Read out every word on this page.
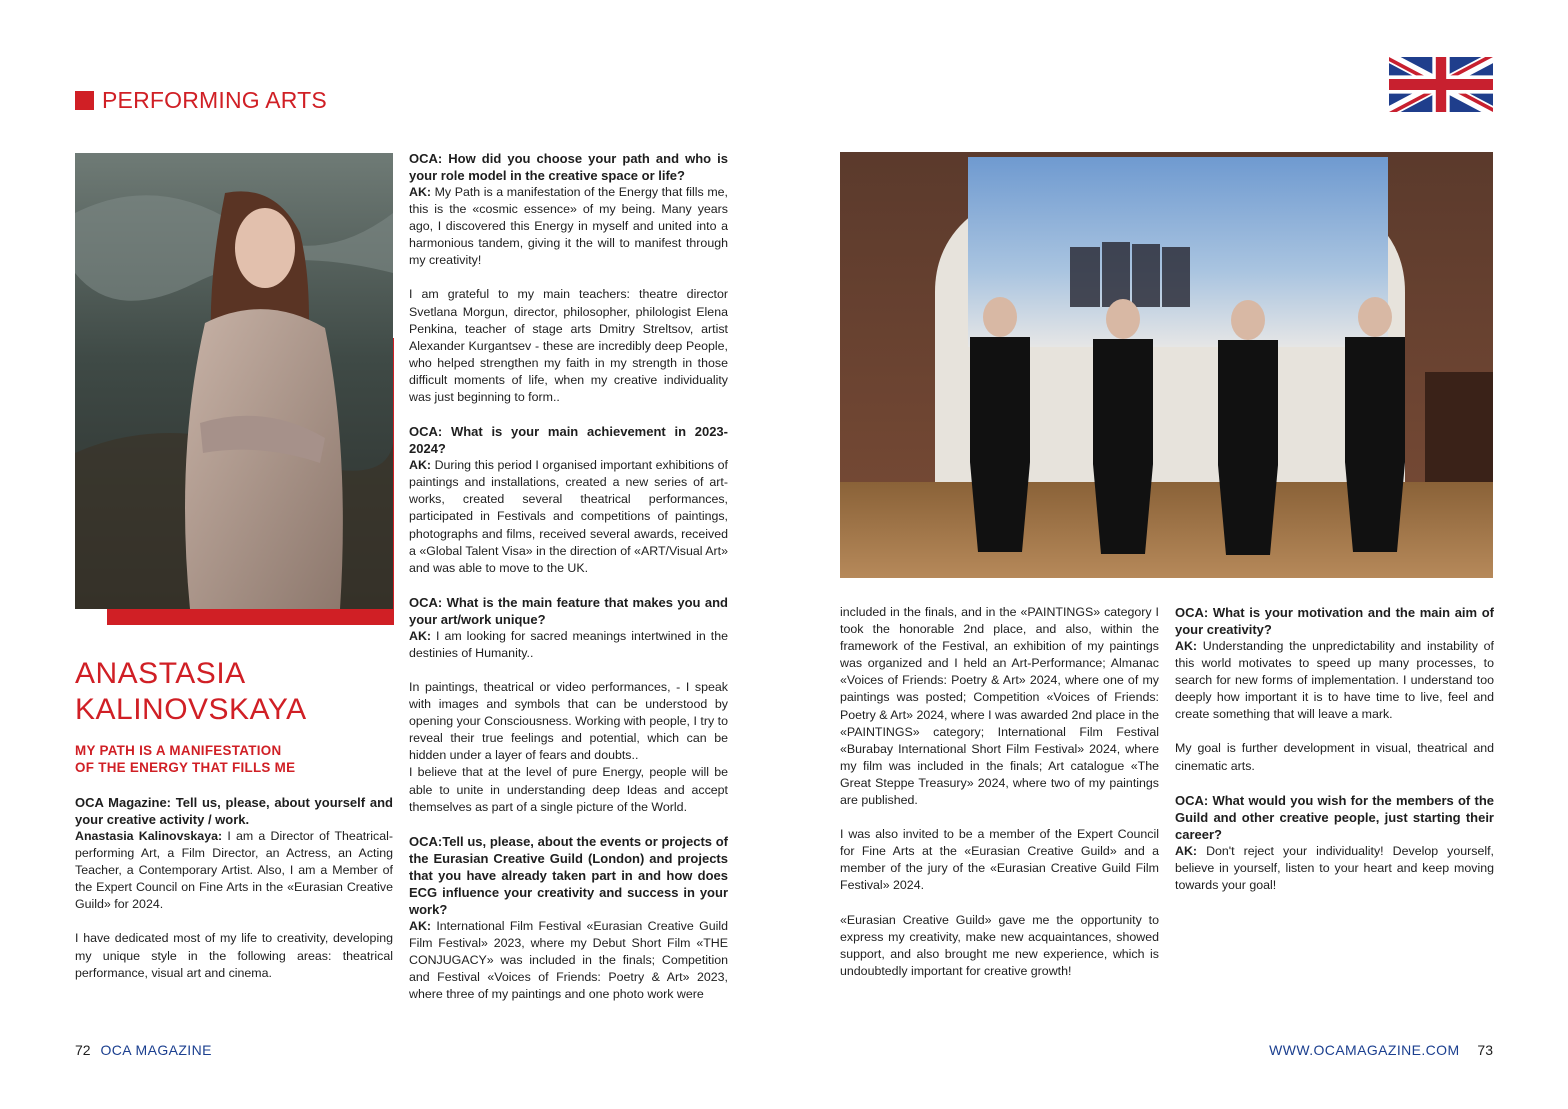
PERFORMING ARTS
ANASTASIA
KALINOVSKAYA
MY PATH IS A MANIFESTATION
OF THE ENERGY THAT FILLS ME
OCA Magazine: Tell us, please, about yourself and your creative activity / work.

Anastasia Kalinovskaya: I am a Director of Theatrical-performing Art, a Film Director, an Actress, an Acting Teacher, a Contemporary Artist. Also, I am a Member of the Expert Council on Fine Arts in the «Eurasian Creative Guild» for 2024.

I have dedicated most of my life to creativity, developing my unique style in the following areas: theatrical performance, visual art and cinema.

OCA: How did you choose your path and who is your role model in the creative space or life?

AK: My Path is a manifestation of the Energy that fills me, this is the «cosmic essence» of my being. Many years ago, I discovered this Energy in myself and united into a harmonious tandem, giving it the will to manifest through my creativity!

I am grateful to my main teachers: theatre director Svetlana Morgun, director, philosopher, philologist Elena Penkina, teacher of stage arts Dmitry Streltsov, artist Alexander Kurgantsev - these are incredibly deep People, who helped strengthen my faith in my strength in those difficult moments of life, when my creative individuality was just beginning to form..

OCA: What is your main achievement in 2023-2024?

AK: During this period I organised important exhibitions of paintings and installations, created a new series of art-works, created several theatrical performances, participated in Festivals and competitions of paintings, photographs and films, received several awards, received a «Global Talent Visa» in the direction of «ART/Visual Art» and was able to move to the UK.

OCA: What is the main feature that makes you and your art/work unique?

AK: I am looking for sacred meanings intertwined in the destinies of Humanity..

In paintings, theatrical or video performances, - I speak with images and symbols that can be understood by opening your Consciousness. Working with people, I try to reveal their true feelings and potential, which can be hidden under a layer of fears and doubts..

I believe that at the level of pure Energy, people will be able to unite in understanding deep Ideas and accept themselves as part of a single picture of the World.

OCA:Tell us, please, about the events or projects of the Eurasian Creative Guild (London) and projects that you have already taken part in and how does ECG influence your creativity and success in your work?

AK: International Film Festival «Eurasian Creative Guild Film Festival» 2023, where my Debut Short Film «THE CONJUGACY» was included in the finals; Competition and Festival «Voices of Friends: Poetry & Art» 2023, where three of my paintings and one photo work were

72 OCA MAGAZINE

included in the finals, and in the «PAINTINGS» category I took the honorable 2nd place, and also, within the framework of the Festival, an exhibition of my paintings was organized and I held an Art-Performance; Almanac «Voices of Friends: Poetry & Art» 2024, where one of my paintings was posted; Competition «Voices of Friends: Poetry & Art» 2024, where I was awarded 2nd place in the «PAINTINGS» category; International Film Festival «Burabay International Short Film Festival» 2024, where my film was included in the finals; Art catalogue «The Great Steppe Treasury» 2024, where two of my paintings are published.

I was also invited to be a member of the Expert Council for Fine Arts at the «Eurasian Creative Guild» and a member of the jury of the «Eurasian Creative Guild Film Festival» 2024.

«Eurasian Creative Guild» gave me the opportunity to express my creativity, make new acquaintances, showed support, and also brought me new experience, which is undoubtedly important for creative growth!

OCA: What is your motivation and the main aim of your creativity?

AK: Understanding the unpredictability and instability of this world motivates to speed up many processes, to search for new forms of implementation. I understand too deeply how important it is to have time to live, feel and create something that will leave a mark.

My goal is further development in visual, theatrical and cinematic arts.

OCA: What would you wish for the members of the Guild and other creative people, just starting their career?

AK: Don't reject your individuality! Develop yourself, believe in yourself, listen to your heart and keep moving towards your goal!

WWW.OCAMAGAZINE.COM 73
